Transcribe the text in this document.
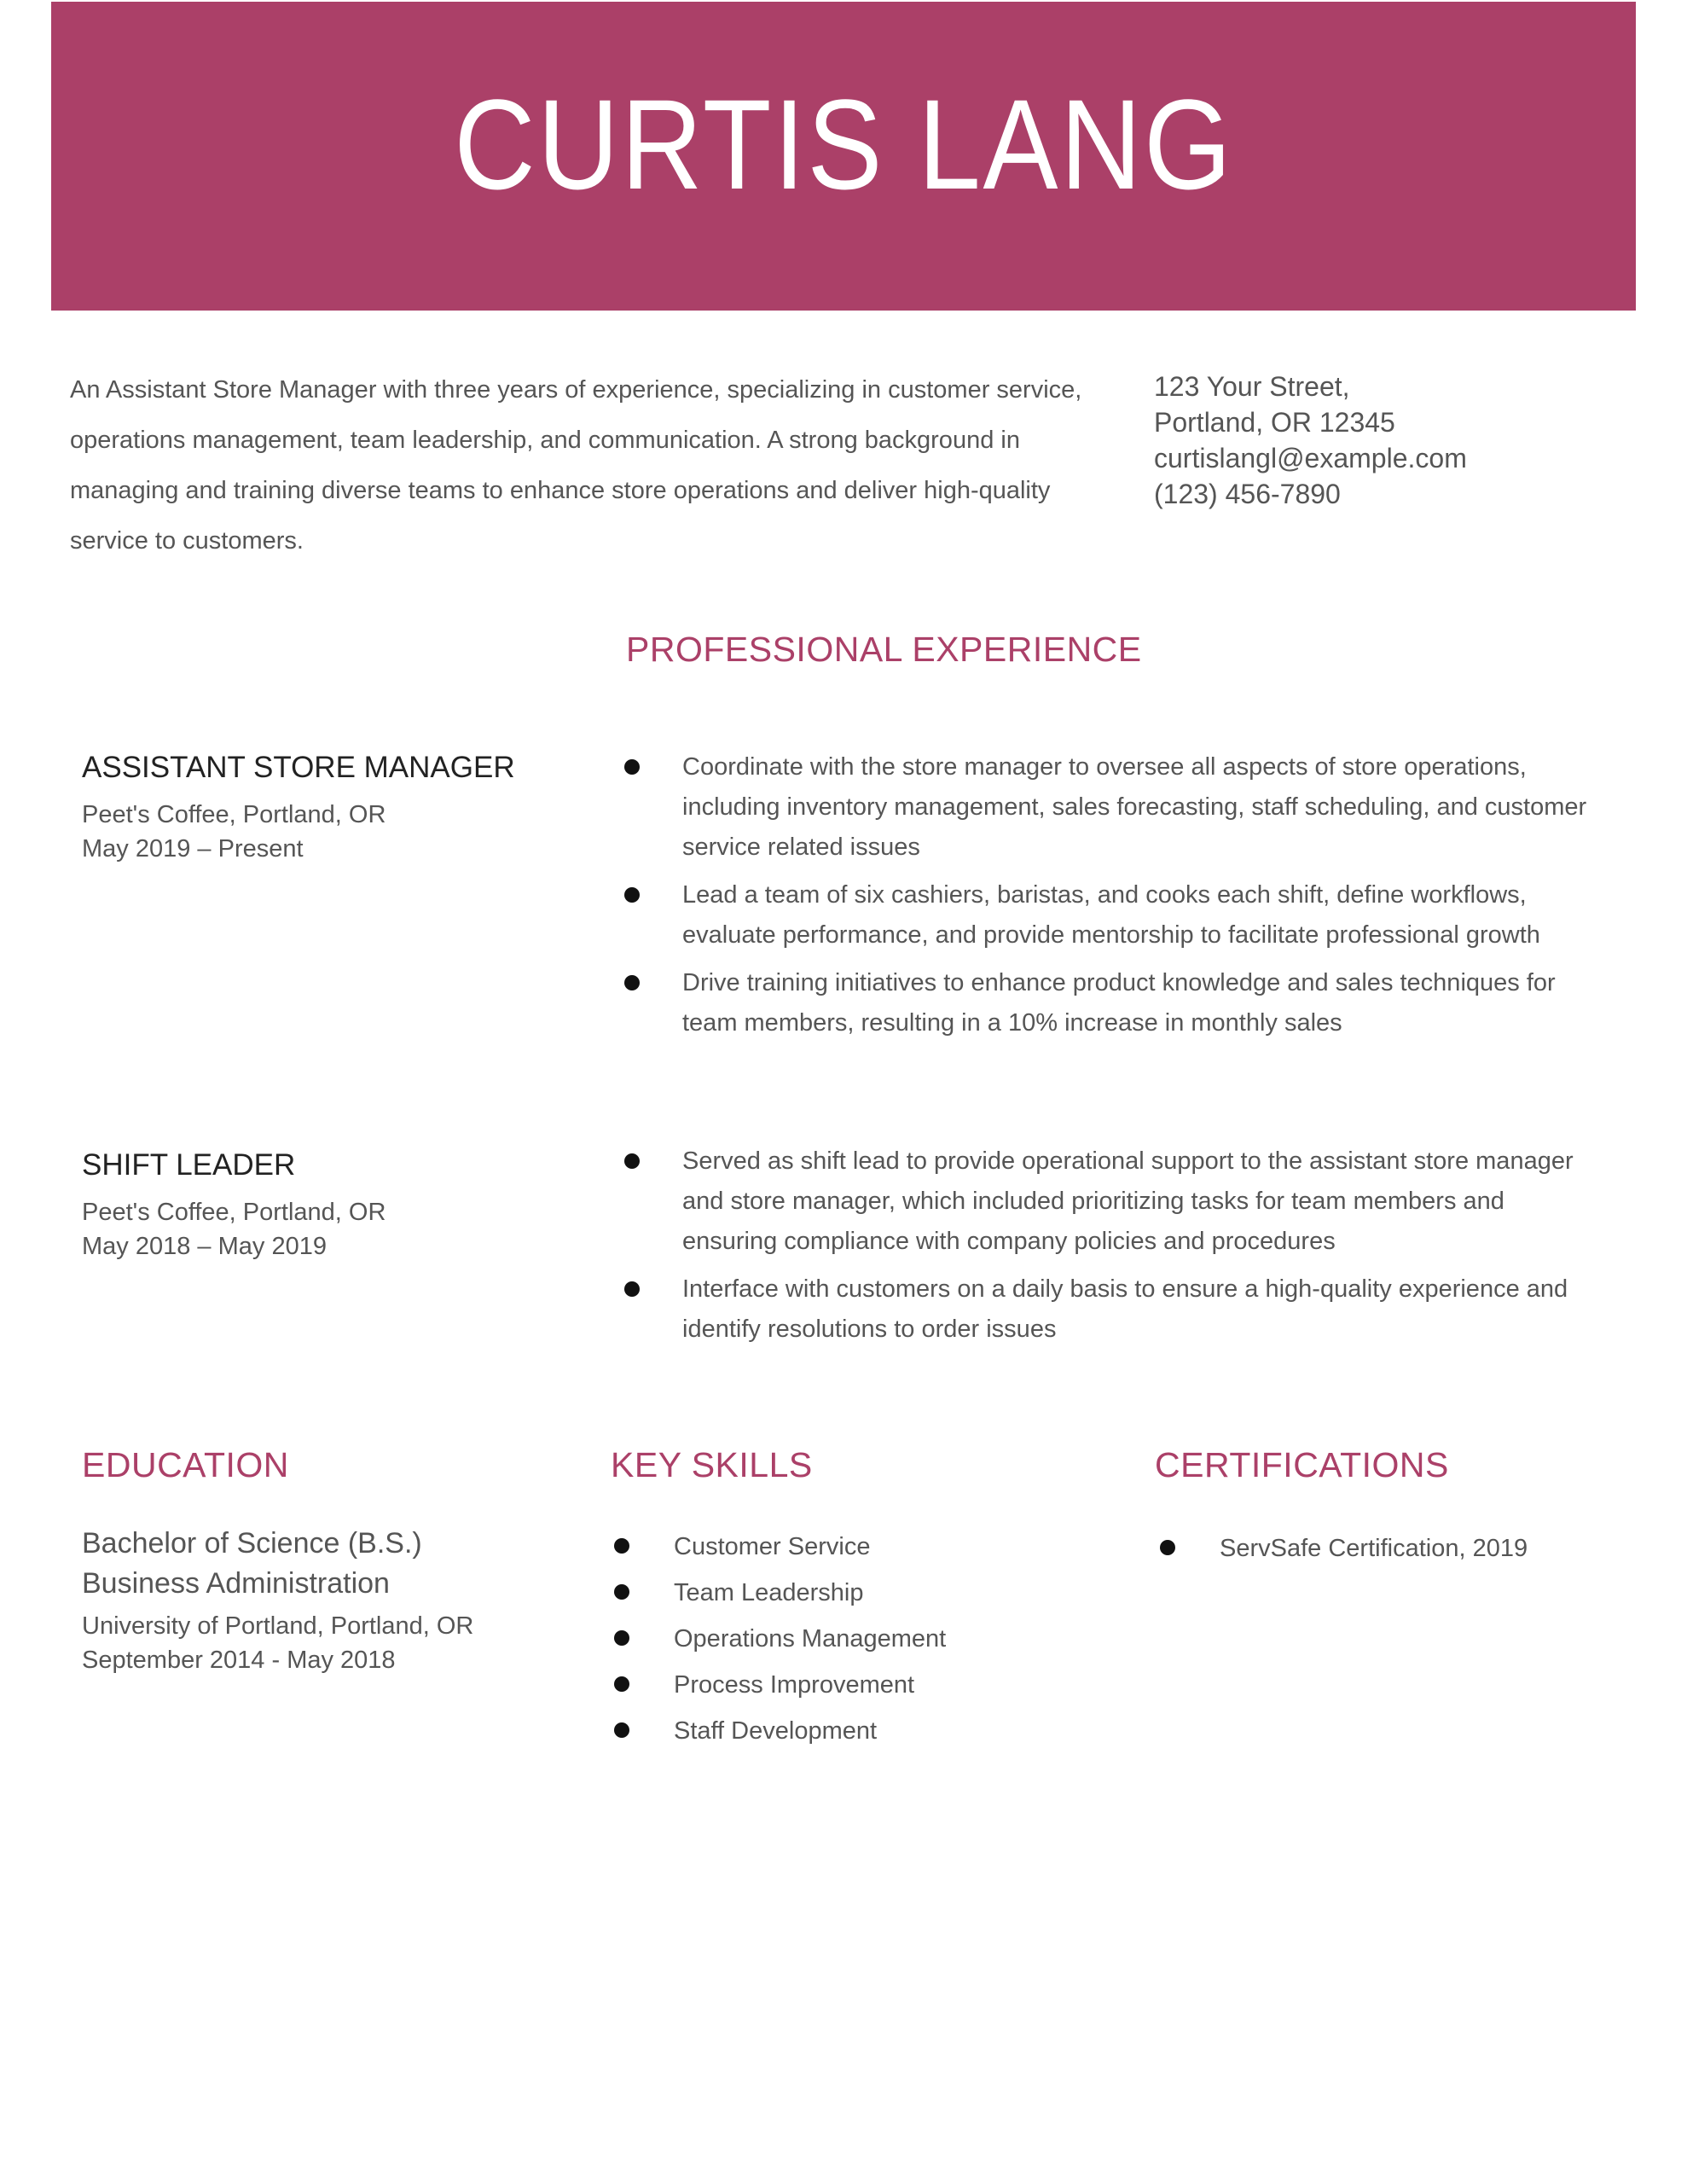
CURTIS LANG
An Assistant Store Manager with three years of experience, specializing in customer service, operations management, team leadership, and communication. A strong background in managing and training diverse teams to enhance store operations and deliver high-quality service to customers.
123 Your Street,
Portland, OR 12345
curtislangl@example.com
(123) 456-7890
PROFESSIONAL EXPERIENCE
ASSISTANT STORE MANAGER
Peet's Coffee, Portland, OR
May 2019 – Present
Coordinate with the store manager to oversee all aspects of store operations, including inventory management, sales forecasting, staff scheduling, and customer service related issues
Lead a team of six cashiers, baristas, and cooks each shift, define workflows, evaluate performance, and provide mentorship to facilitate professional growth
Drive training initiatives to enhance product knowledge and sales techniques for team members, resulting in a 10% increase in monthly sales
SHIFT LEADER
Peet's Coffee, Portland, OR
May 2018 – May 2019
Served as shift lead to provide operational support to the assistant store manager and store manager, which included prioritizing tasks for team members and ensuring compliance with company policies and procedures
Interface with customers on a daily basis to ensure a high-quality experience and identify resolutions to order issues
EDUCATION
Bachelor of Science (B.S.)
Business Administration
University of Portland, Portland, OR
September 2014 - May 2018
KEY SKILLS
Customer Service
Team Leadership
Operations Management
Process Improvement
Staff Development
CERTIFICATIONS
ServSafe Certification, 2019
